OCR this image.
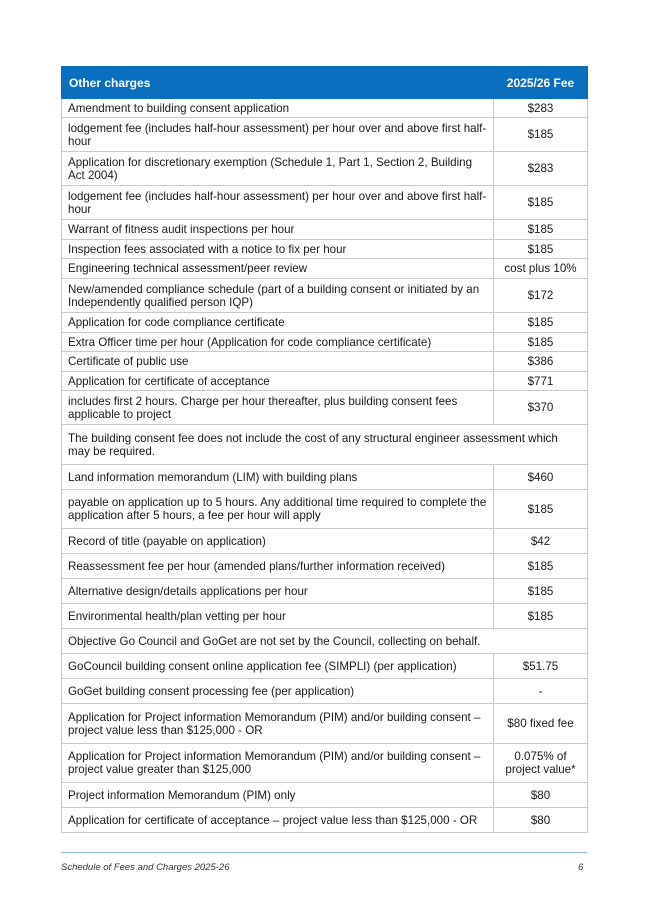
Other charges	2025/26 Fee
Amendment to building consent application	$283
lodgement fee (includes half-hour assessment) per hour over and above first half-hour	$185
Application for discretionary exemption (Schedule 1, Part 1, Section 2, Building Act 2004)	$283
lodgement fee (includes half-hour assessment) per hour over and above first half-hour	$185
Warrant of fitness audit inspections per hour	$185
Inspection fees associated with a notice to fix per hour	$185
Engineering technical assessment/peer review	cost plus 10%
New/amended compliance schedule (part of a building consent or initiated by an Independently qualified person IQP)	$172
Application for code compliance certificate	$185
Extra Officer time per hour (Application for code compliance certificate)	$185
Certificate of public use	$386
Application for certificate of acceptance	$771
includes first 2 hours. Charge per hour thereafter, plus building consent fees applicable to project	$370
The building consent fee does not include the cost of any structural engineer assessment which may be required.	
Land information memorandum (LIM) with building plans	$460
payable on application up to 5 hours. Any additional time required to complete the application after 5 hours, a fee per hour will apply	$185
Record of title (payable on application)	$42
Reassessment fee per hour (amended plans/further information received)	$185
Alternative design/details applications per hour	$185
Environmental health/plan vetting per hour	$185
Objective Go Council and GoGet are not set by the Council, collecting on behalf.	
GoCouncil building consent online application fee (SIMPLI) (per application)	$51.75
GoGet building consent processing fee (per application)	-
Application for Project information Memorandum (PIM) and/or building consent – project value less than $125,000 - OR	$80 fixed fee
Application for Project information Memorandum (PIM) and/or building consent – project value greater than $125,000	0.075% of project value*
Project information Memorandum (PIM) only	$80
Application for certificate of acceptance – project value less than $125,000 - OR	$80
Schedule of Fees and Charges 2025-26	6
